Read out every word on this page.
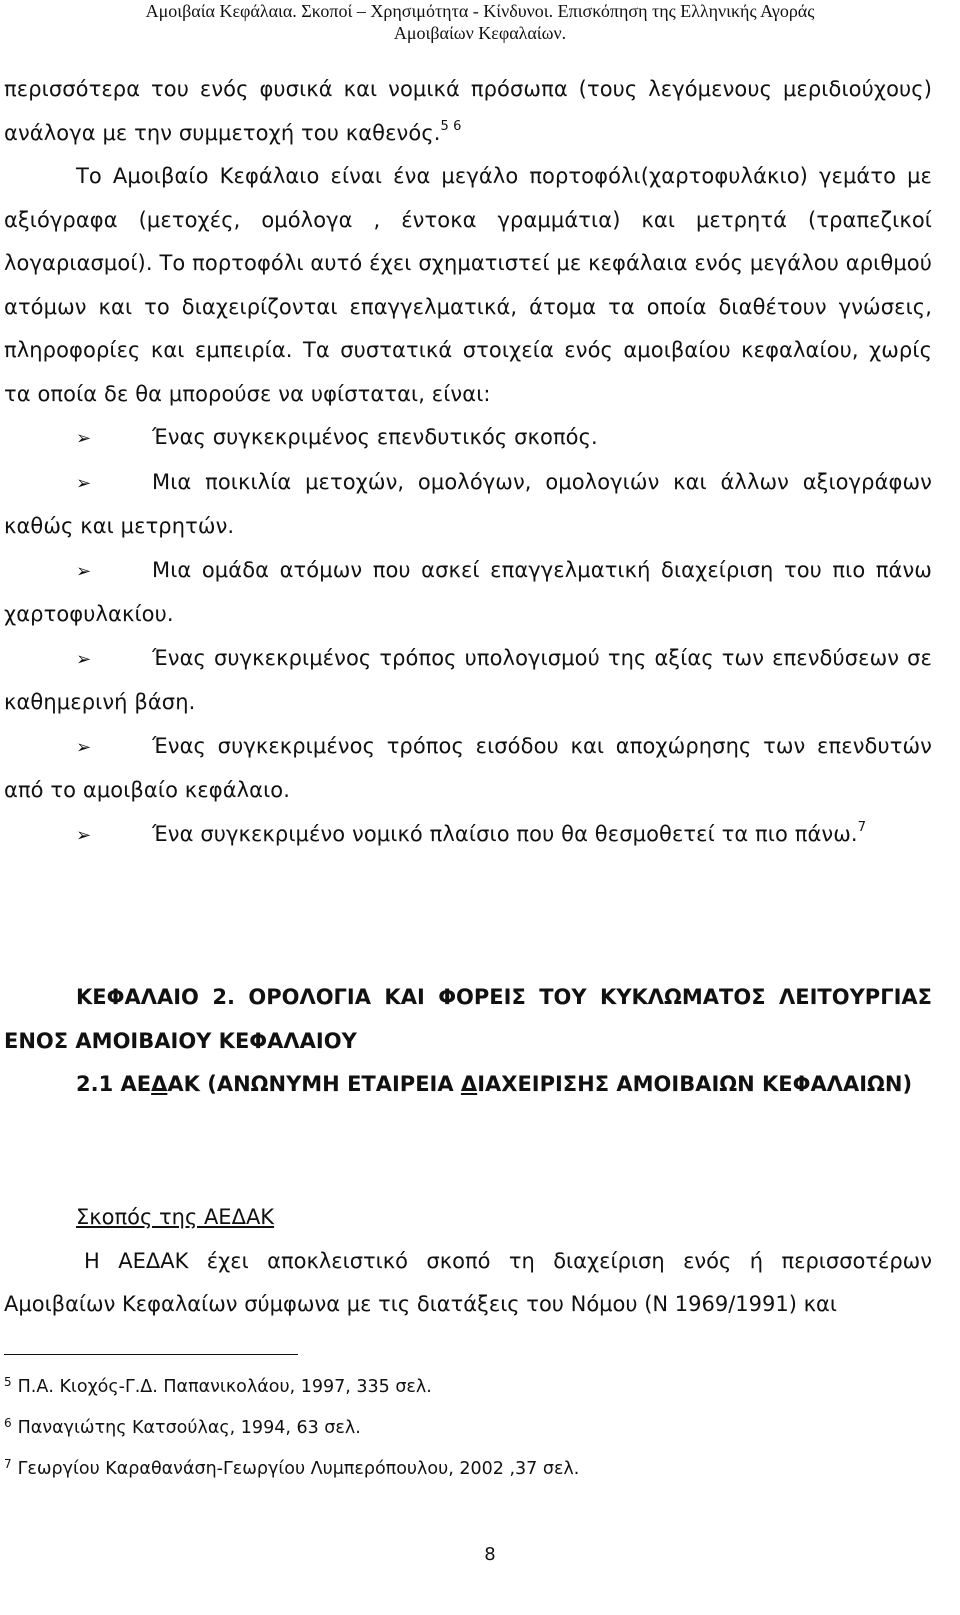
Αμοιβαία Κεφάλαια. Σκοποί – Χρησιμότητα - Κίνδυνοι. Επισκόπηση της Ελληνικής Αγοράς
Αμοιβαίων Κεφαλαίων.

περισσότερα του ενός φυσικά και νομικά πρόσωπα (τους λεγόμενους μεριδιούχους) ανάλογα με την συμμετοχή του καθενός.$^{5 6}$

Το Αμοιβαίο Κεφάλαιο είναι ένα μεγάλο πορτοφόλι(χαρτοφυλάκιο) γεμάτο με αξιόγραφα (μετοχές, ομόλογα , έντοκα γραμμάτια) και μετρητά (τραπεζικοί λογαριασμοί). Το πορτοφόλι αυτό έχει σχηματιστεί με κεφάλαια ενός μεγάλου αριθμού ατόμων και το διαχειρίζονται επαγγελματικά, άτομα τα οποία διαθέτουν γνώσεις, πληροφορίες και εμπειρία. Τα συστατικά στοιχεία ενός αμοιβαίου κεφαλαίου, χωρίς τα οποία δε θα μπορούσε να υφίσταται, είναι:

➢	Ένας συγκεκριμένος επενδυτικός σκοπός.

➢	Μια ποικιλία μετοχών, ομολόγων, ομολογιών και άλλων αξιογράφων καθώς και μετρητών.

➢	Μια ομάδα ατόμων που ασκεί επαγγελματική διαχείριση του πιο πάνω χαρτοφυλακίου.

➢	Ένας συγκεκριμένος τρόπος υπολογισμού της αξίας των επενδύσεων σε καθημερινή βάση.

➢	Ένας συγκεκριμένος τρόπος εισόδου και αποχώρησης των επενδυτών από το αμοιβαίο κεφάλαιο.

➢	Ένα συγκεκριμένο νομικό πλαίσιο που θα θεσμοθετεί τα πιο πάνω.$^7$

ΚΕΦΑΛΑΙΟ 2. ΟΡΟΛΟΓΙΑ ΚΑΙ ΦΟΡΕΙΣ ΤΟΥ ΚΥΚΛΩΜΑΤΟΣ ΛΕΙΤΟΥΡΓΙΑΣ ΕΝΟΣ ΑΜΟΙΒΑΙΟΥ ΚΕΦΑΛΑΙΟΥ

2.1 ΑΕΔΑΚ (ΑΝΩΝΥΜΗ ΕΤΑΙΡΕΙΑ ΔΙΑΧΕΙΡΙΣΗΣ ΑΜΟΙΒΑΙΩΝ ΚΕΦΑΛΑΙΩΝ)

Σκοπός της ΑΕΔΑΚ

Η ΑΕΔΑΚ έχει αποκλειστικό σκοπό τη διαχείριση ενός ή περισσοτέρων Αμοιβαίων Κεφαλαίων σύμφωνα με τις διατάξεις του Νόμου (Ν 1969/1991) και

$^5$ Π.Α. Κιοχός-Γ.Δ. Παπανικολάου, 1997, 335 σελ.

$^6$ Παναγιώτης Κατσούλας, 1994, 63 σελ.

$^7$ Γεωργίου Καραθανάση-Γεωργίου Λυμπερόπουλου, 2002 ,37 σελ.

8
